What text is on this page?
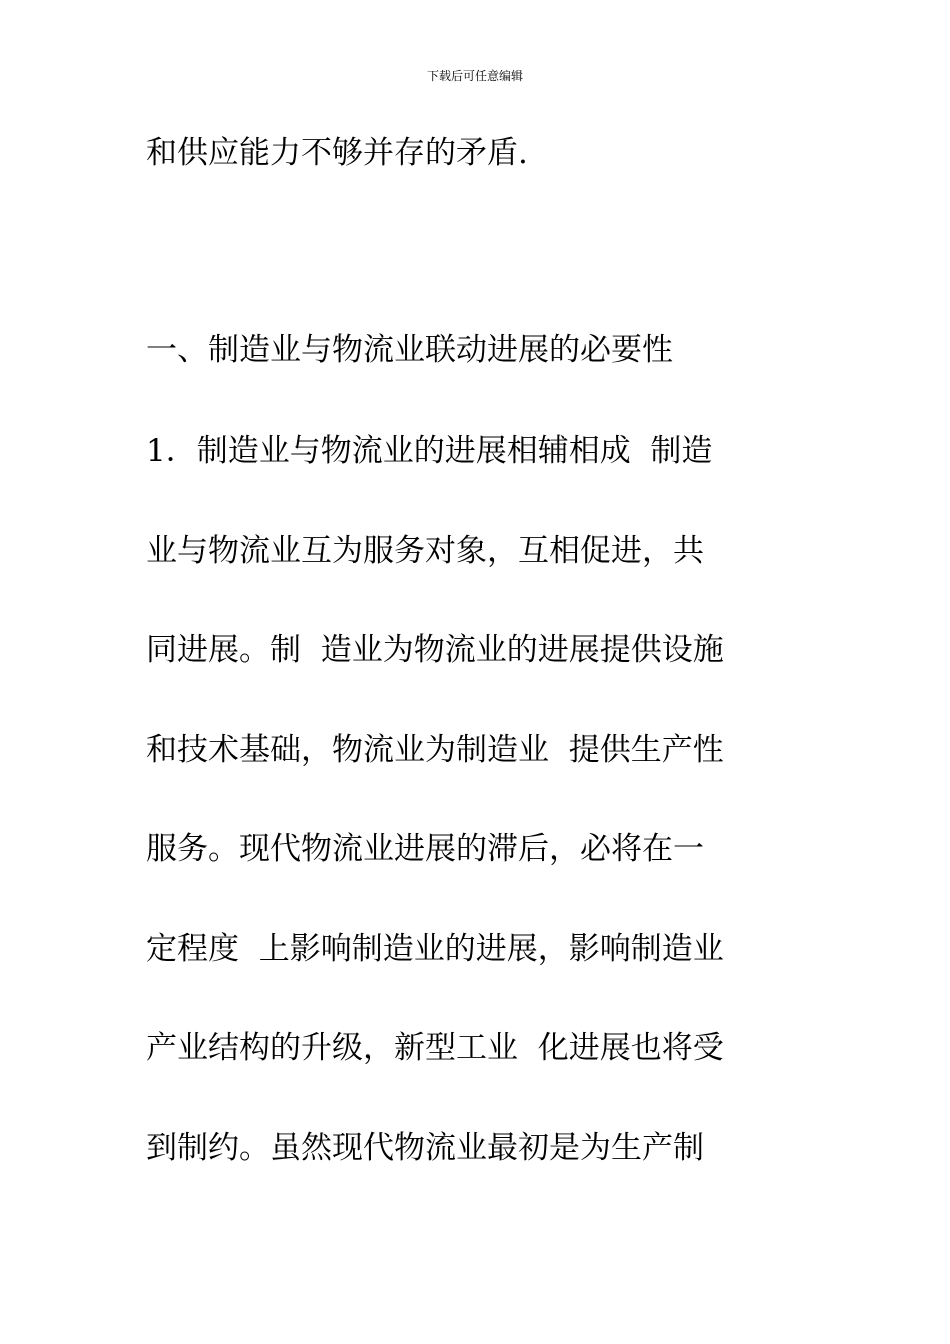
下载后可任意编辑
和供应能力不够并存的矛盾.
一、制造业与物流业联动进展的必要性
1．制造业与物流业的进展相辅相成  制造
业与物流业互为服务对象，互相促进，共
同进展。制  造业为物流业的进展提供设施
和技术基础，物流业为制造业  提供生产性
服务。现代物流业进展的滞后，必将在一
定程度  上影响制造业的进展，影响制造业
产业结构的升级，新型工业  化进展也将受
到制约。虽然现代物流业最初是为生产制
